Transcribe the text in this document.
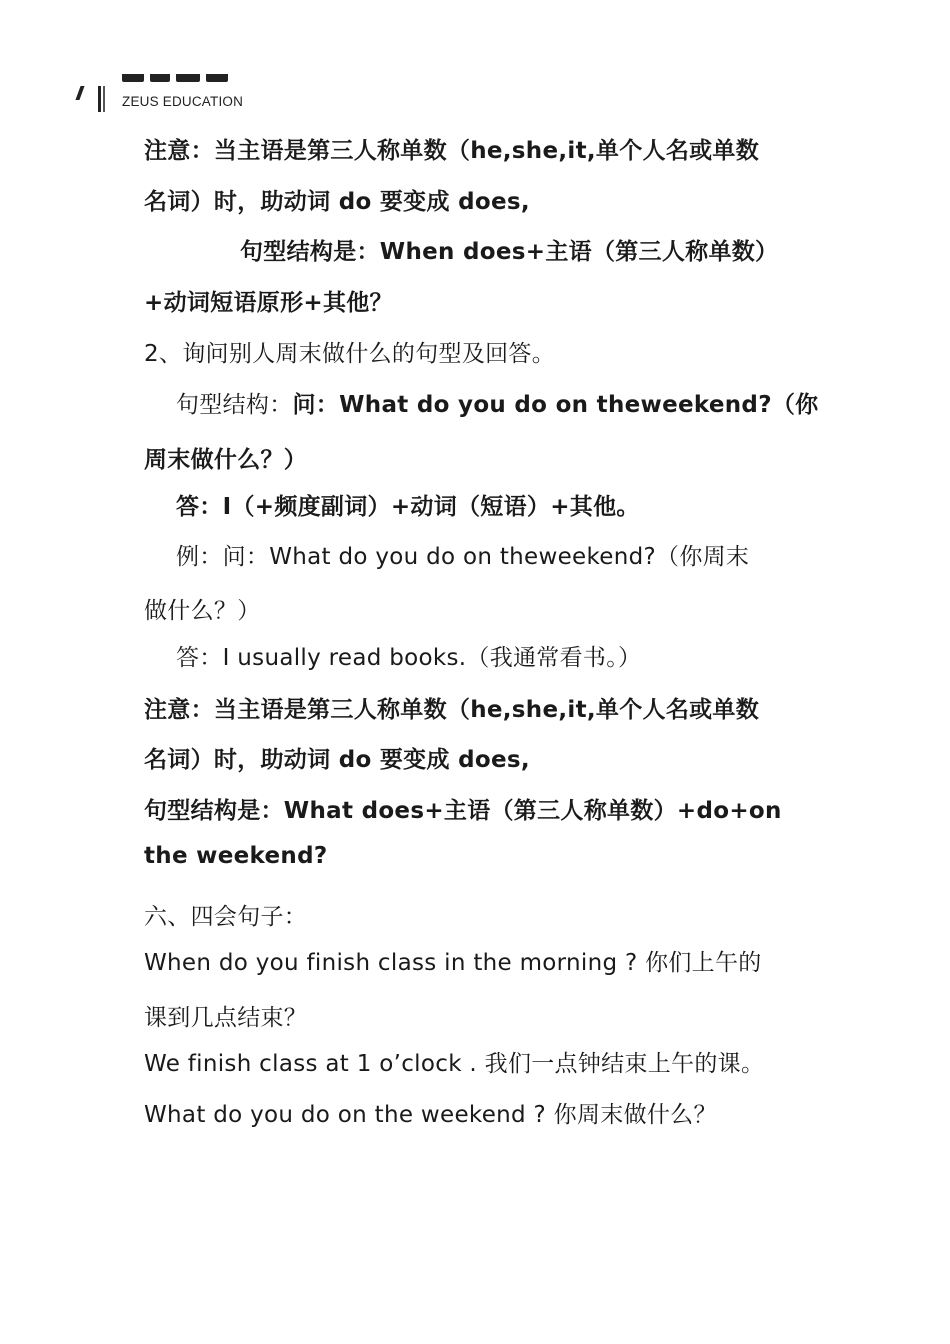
ZEUS EDUCATION
注意：当主语是第三人称单数（he,she,it,单个人名或单数
名词）时，助动词 do 要变成 does,
句型结构是：When does+主语（第三人称单数）
+动词短语原形+其他？
2、询问别人周末做什么的句型及回答。
句型结构：问：What do you do on theweekend?（你
周末做什么？）
答：I（+频度副词）+动词（短语）+其他。
例：问：What do you do on theweekend?（你周末
做什么？）
答：I usually read books.（我通常看书。）
注意：当主语是第三人称单数（he,she,it,单个人名或单数
名词）时，助动词 do 要变成 does,
句型结构是：What does+主语（第三人称单数）+do+on
the weekend?
六、四会句子：
When do you finish class in the morning ? 你们上午的
课到几点结束？
We finish class at 1 o’clock . 我们一点钟结束上午的课。
What do you do on the weekend ? 你周末做什么？
